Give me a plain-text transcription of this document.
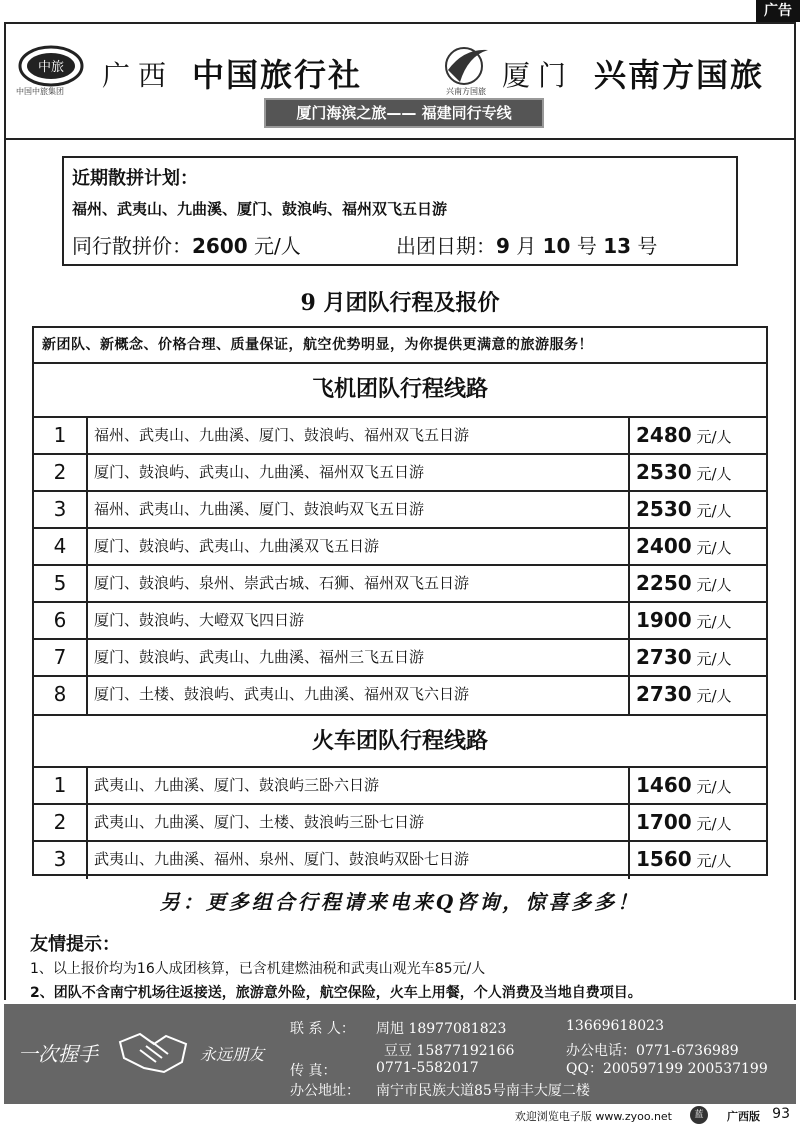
广告
中旅
中国中旅集团 广西 中国旅行社	兴南方国旅 厦门 兴南方国旅
厦门海滨之旅—— 福建同行专线
近期散拼计划：
福州、武夷山、九曲溪、厦门、鼓浪屿、福州双飞五日游
同行散拼价：2600 元/人	出团日期：9 月 10 号 13 号
9 月团队行程及报价
新团队、新概念、价格合理、质量保证，航空优势明显，为你提供更满意的旅游服务！
飞机团队行程线路
1	福州、武夷山、九曲溪、厦门、鼓浪屿、福州双飞五日游	2480 元/人
2	厦门、鼓浪屿、武夷山、九曲溪、福州双飞五日游	2530 元/人
3	福州、武夷山、九曲溪、厦门、鼓浪屿双飞五日游	2530 元/人
4	厦门、鼓浪屿、武夷山、九曲溪双飞五日游	2400 元/人
5	厦门、鼓浪屿、泉州、崇武古城、石狮、福州双飞五日游	2250 元/人
6	厦门、鼓浪屿、大嶝双飞四日游	1900 元/人
7	厦门、鼓浪屿、武夷山、九曲溪、福州三飞五日游	2730 元/人
8	厦门、土楼、鼓浪屿、武夷山、九曲溪、福州双飞六日游	2730 元/人
火车团队行程线路
1	武夷山、九曲溪、厦门、鼓浪屿三卧六日游	1460 元/人
2	武夷山、九曲溪、厦门、土楼、鼓浪屿三卧七日游	1700 元/人
3	武夷山、九曲溪、福州、泉州、厦门、鼓浪屿双卧七日游	1560 元/人
另：更多组合行程请来电来Q咨询，惊喜多多！
友情提示：
1、以上报价均为16人成团核算，已含机建燃油税和武夷山观光车85元/人
2、团队不含南宁机场往返接送，旅游意外险，航空保险，火车上用餐，个人消费及当地自费项目。
一次握手	永远朋友
联 系 人： 周旭 18977081823	13669618023
豆豆 15877192166	办公电话：0771-6736989
传 真：	0771-5582017	QQ：200597199 200537199
办公地址： 南宁市民族大道85号南丰大厦二楼
欢迎浏览电子版 www.zyoo.net	蓝	广西版 93
